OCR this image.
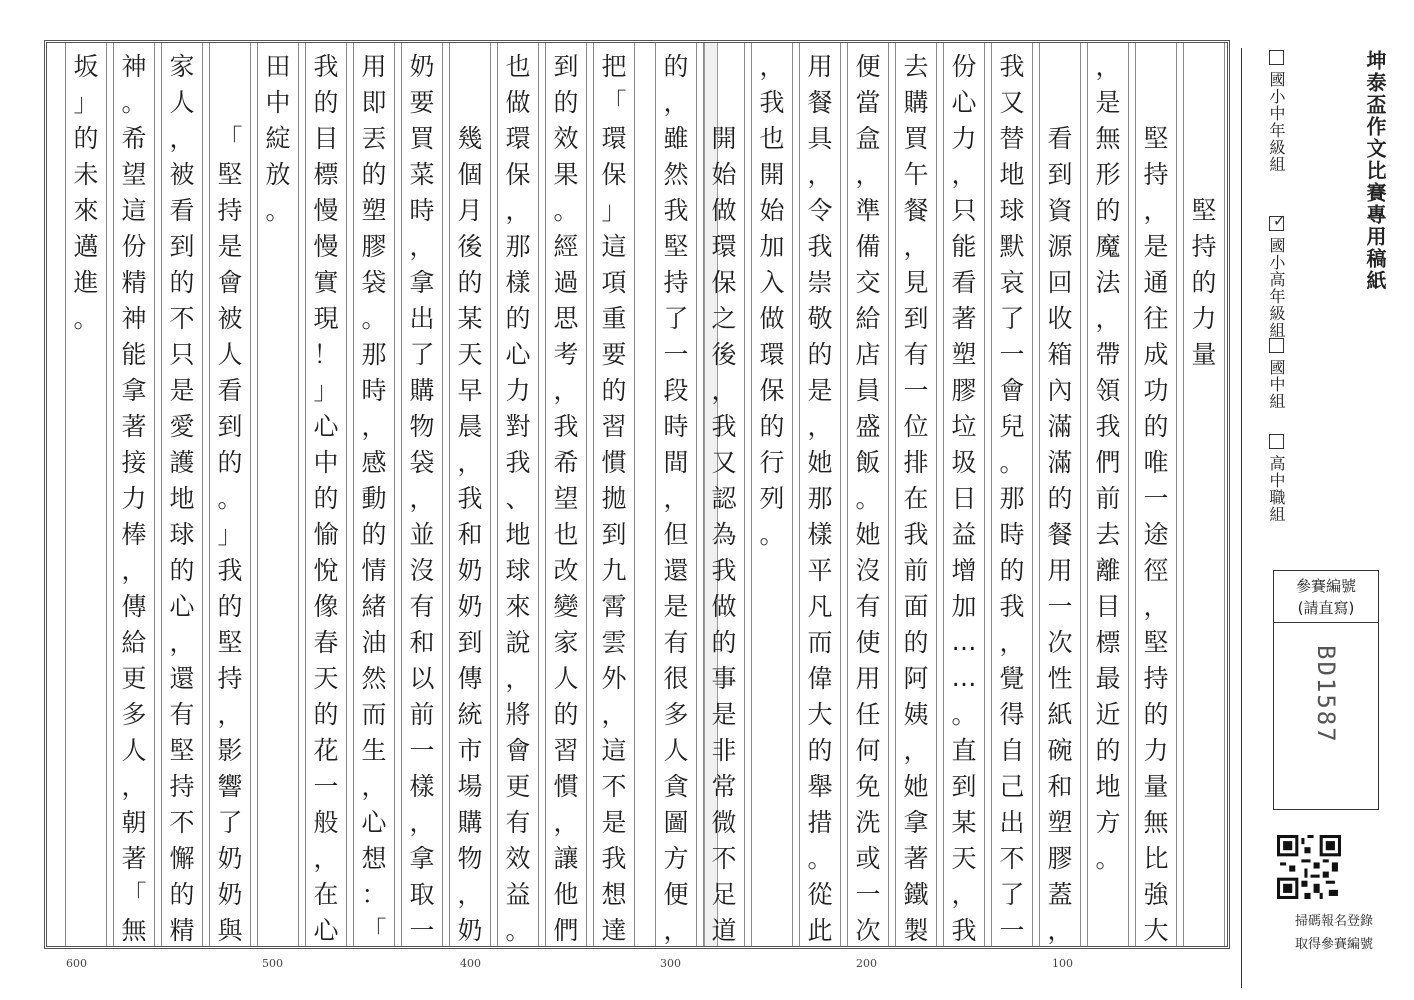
堅
持
的
力
量
堅
持
，
是
通
往
成
功
的
唯
一
途
徑
，
堅
持
的
力
量
無
比
強
大
，
是
無
形
的
魔
法
，
帶
領
我
們
前
去
離
目
標
最
近
的
地
方
。
看
到
資
源
回
收
箱
內
滿
滿
的
餐
用
一
次
性
紙
碗
和
塑
膠
蓋
，
我
又
替
地
球
默
哀
了
一
會
兒
。
那
時
的
我
，
覺
得
自
己
出
不
了
一
份
心
力
，
只
能
看
著
塑
膠
垃
圾
日
益
增
加
…
…
。
直
到
某
天
，
我
去
購
買
午
餐
，
見
到
有
一
位
排
在
我
前
面
的
阿
姨
，
她
拿
著
鐵
製
便
當
盒
，
準
備
交
給
店
員
盛
飯
。
她
沒
有
使
用
任
何
免
洗
或
一
次
用
餐
具
，
令
我
崇
敬
的
是
，
她
那
樣
平
凡
而
偉
大
的
舉
措
。
從
此
，
我
也
開
始
加
入
做
環
保
的
行
列
。
開
始
做
環
保
之
後
，
我
又
認
為
我
做
的
事
是
非
常
微
不
足
道
的
，
雖
然
我
堅
持
了
一
段
時
間
，
但
還
是
有
很
多
人
貪
圖
方
便
，
把
「
環
保
」
這
項
重
要
的
習
慣
拋
到
九
霄
雲
外
，
這
不
是
我
想
達
到
的
效
果
。
經
過
思
考
，
我
希
望
也
改
變
家
人
的
習
慣
，
讓
他
們
也
做
環
保
，
那
樣
的
心
力
對
我
、
地
球
來
說
，
將
會
更
有
效
益
。
幾
個
月
後
的
某
天
早
晨
，
我
和
奶
奶
到
傳
統
市
場
購
物
，
奶
奶
要
買
菜
時
，
拿
出
了
購
物
袋
，
並
沒
有
和
以
前
一
樣
，
拿
取
一
用
即
丟
的
塑
膠
袋
。
那
時
，
感
動
的
情
緒
油
然
而
生
，
心
想
：
「
我
的
目
標
慢
慢
實
現
！
」
心
中
的
愉
悅
像
春
天
的
花
一
般
，
在
心
田
中
綻
放
。
「
堅
持
是
會
被
人
看
到
的
。
」
我
的
堅
持
，
影
響
了
奶
奶
與
家
人
，
被
看
到
的
不
只
是
愛
護
地
球
的
心
，
還
有
堅
持
不
懈
的
精
神
。
希
望
這
份
精
神
能
拿
著
接
力
棒
，
傳
給
更
多
人
，
朝
著
「
無
坂
」
的
未
來
邁
進
。
100
200
300
400
500
600
坤泰盃作文比賽專用稿紙
國小中年級組
✓
國小高年級組
國中組
高中職組
參賽編號
(請直寫)
BD1587
掃碼報名登錄
取得參賽編號
